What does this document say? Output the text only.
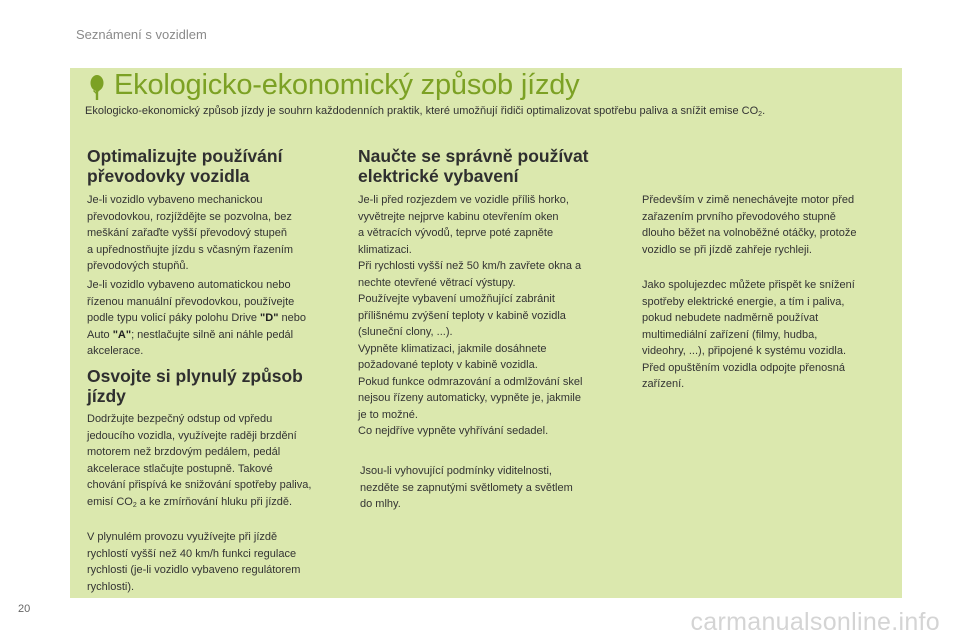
Seznámení s vozidlem
Ekologicko-ekonomický způsob jízdy

Ekologicko-ekonomický způsob jízdy je souhrn každodenních praktik, které umožňují řidiči optimalizovat spotřebu paliva a snížit emise $CO_2$.

Optimalizujte používání
převodovky vozidla

Je-li vozidlo vybaveno mechanickou
převodovkou, rozjíždějte se pozvolna, bez
meškání zařaďte vyšší převodový stupeň
a upřednostňujte jízdu s včasným řazením
převodových stupňů.

Je-li vozidlo vybaveno automatickou nebo
řízenou manuální převodovkou, používejte
podle typu volicí páky polohu Drive "D" nebo
Auto "A"; nestlačujte silně ani náhle pedál
akcelerace.

Osvojte si plynulý způsob
jízdy

Dodržujte bezpečný odstup od vpředu
jedoucího vozidla, využívejte raději brzdění
motorem než brzdovým pedálem, pedál
akcelerace stlačujte postupně. Takové
chování přispívá ke snižování spotřeby paliva,
emisí $CO_2$ a ke zmírňování hluku při jízdě.

V plynulém provozu využívejte při jízdě
rychlostí vyšší než 40 km/h funkci regulace
rychlosti (je-li vozidlo vybaveno regulátorem
rychlosti).

Naučte se správně používat
elektrické vybavení

Je-li před rozjezdem ve vozidle příliš horko,
vyvětrejte nejprve kabinu otevřením oken
a větracích vývodů, teprve poté zapněte
klimatizaci.
Při rychlosti vyšší než 50 km/h zavřete okna a
nechte otevřené větrací výstupy.
Používejte vybavení umožňující zabránit
přílišnému zvýšení teploty v kabině vozidla
(sluneční clony, ...).
Vypněte klimatizaci, jakmile dosáhnete
požadované teploty v kabině vozidla.
Pokud funkce odmrazování a odmlžování skel
nejsou řízeny automaticky, vypněte je, jakmile
je to možné.
Co nejdříve vypněte vyhřívání sedadel.

Jsou-li vyhovující podmínky viditelnosti,
nezděte se zapnutými světlomety a světlem
do mlhy.

Především v zimě nenechávejte motor před
zařazením prvního převodového stupně
dlouho běžet na volnoběžné otáčky, protože
vozidlo se při jízdě zahřeje rychleji.

Jako spolujezdec můžete přispět ke snížení
spotřeby elektrické energie, a tím i paliva,
pokud nebudete nadměrně používat
multimediální zařízení (filmy, hudba,
videohry, ...), připojené k systému vozidla.
Před opuštěním vozidla odpojte přenosná
zařízení.

20	carmanualsonline.info
